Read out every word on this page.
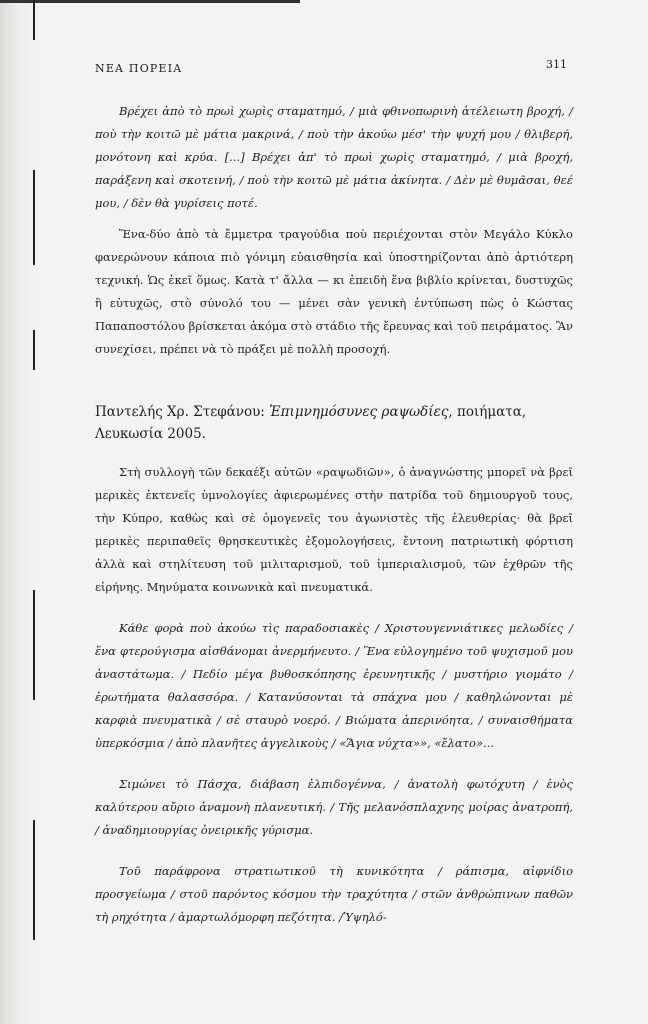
ΝΕΑ ΠΟΡΕΙΑ	311

Βρέχει ἀπὸ τὸ πρωὶ χωρὶς σταματημό, / μιὰ φθινοπωρινὴ ἀτέλειωτη βροχή, / ποὺ τὴν κοιτῶ μὲ μάτια μακρινά, / ποὺ τὴν ἀκούω μέσ' τὴν ψυχή μου / θλιβερή, μονότονη καὶ κρύα. [...] Βρέχει ἀπ' τὸ πρωὶ χωρὶς σταματημό, / μιὰ βροχή, παράξενη καὶ σκοτεινή, / ποὺ τὴν κοιτῶ μὲ μάτια ἀκίνητα. / Δὲν μὲ θυμᾶσαι, θεέ μου, / δὲν θὰ γυρίσεις ποτέ.

Ἕνα-δύο ἀπὸ τὰ ἔμμετρα τραγούδια ποὺ περιέχονται στὸν Μεγάλο Κύκλο φανερώνουν κάποια πιὸ γόνιμη εὐαισθησία καὶ ὑποστηρίζονται ἀπὸ ἀρτιότερη τεχνική. Ὡς ἐκεῖ ὅμως. Κατὰ τ' ἄλλα — κι ἐπειδὴ ἕνα βιβλίο κρίνεται, δυστυχῶς ἢ εὐτυχῶς, στὸ σύνολό του — μένει σὰν γενικὴ ἐντύπωση πὼς ὁ Κώστας Παπαποστόλου βρίσκεται ἀκόμα στὸ στάδιο τῆς ἔρευνας καὶ τοῦ πειράματος. Ἂν συνεχίσει, πρέπει νὰ τὸ πράξει μὲ πολλὴ προσοχή.

Παντελής Χρ. Στεφάνου: Ἐπιμνημόσυνες ραψωδίες, ποιήματα, Λευκωσία 2005.

Στὴ συλλογὴ τῶν δεκαέξι αὐτῶν «ραψωδιῶν», ὁ ἀναγνώστης μπορεῖ νὰ βρεῖ μερικὲς ἐκτενεῖς ὑμνολογίες ἀφιερωμένες στὴν πατρίδα τοῦ δημιουργοῦ τους, τὴν Κύπρο, καθὼς καὶ σὲ ὁμογενεῖς του ἀγωνιστὲς τῆς ἐλευθερίας· θὰ βρεῖ μερικὲς περιπαθεῖς θρησκευτικὲς ἐξομολογήσεις, ἔντονη πατριωτικὴ φόρτιση ἀλλὰ καὶ στηλίτευση τοῦ μιλιταρισμοῦ, τοῦ ἱμπεριαλισμοῦ, τῶν ἐχθρῶν τῆς εἰρήνης. Μηνύματα κοινωνικὰ καὶ πνευματικά.

Κάθε φορὰ ποὺ ἀκούω τὶς παραδοσιακὲς / Χριστουγεννιάτικες μελωδίες / ἕνα φτερούγισμα αἰσθάνομαι ἀνερμήνευτο. / Ἕνα εὐλογημένο τοῦ ψυχισμοῦ μου ἀναστάτωμα. / Πεδίο μέγα βυθοσκόπησης ἐρευνητικῆς / μυστήριο γιομάτο / ἐρωτήματα θαλασσόρα. / Κατανύσονται τὰ σπάχνα μου / καθηλώνονται μὲ καρφιὰ πνευματικὰ / σὲ σταυρὸ νοερό. / Βιώματα ἀπερινόητα, / συναισθήματα ὑπερκόσμια / ἀπὸ πλανῆτες ἀγγελικοὺς / «Ἅγια νύχτα»», «ἔλατο»...

Σιμώνει τὸ Πάσχα, διάβαση ἐλπιδογέννα, / ἀνατολὴ φωτόχυτη / ἑνὸς καλύτερου αὔριο ἀναμονὴ πλανευτική. / Τῆς μελανόσπλαχνης μοίρας ἀνατροπή, / ἀναδημιουργίας ὀνειρικῆς γύρισμα.

Τοῦ παράφρονα στρατιωτικοῦ τὴ κυνικότητα / ράπισμα, αἰφνίδιο προσγείωμα / στοῦ παρόντος κόσμου τὴν τραχύτητα / στῶν ἀνθρώπινων παθῶν τὴ ρηχότητα / ἁμαρτωλόμορφη πεζότητα. /Ὑψηλό-
